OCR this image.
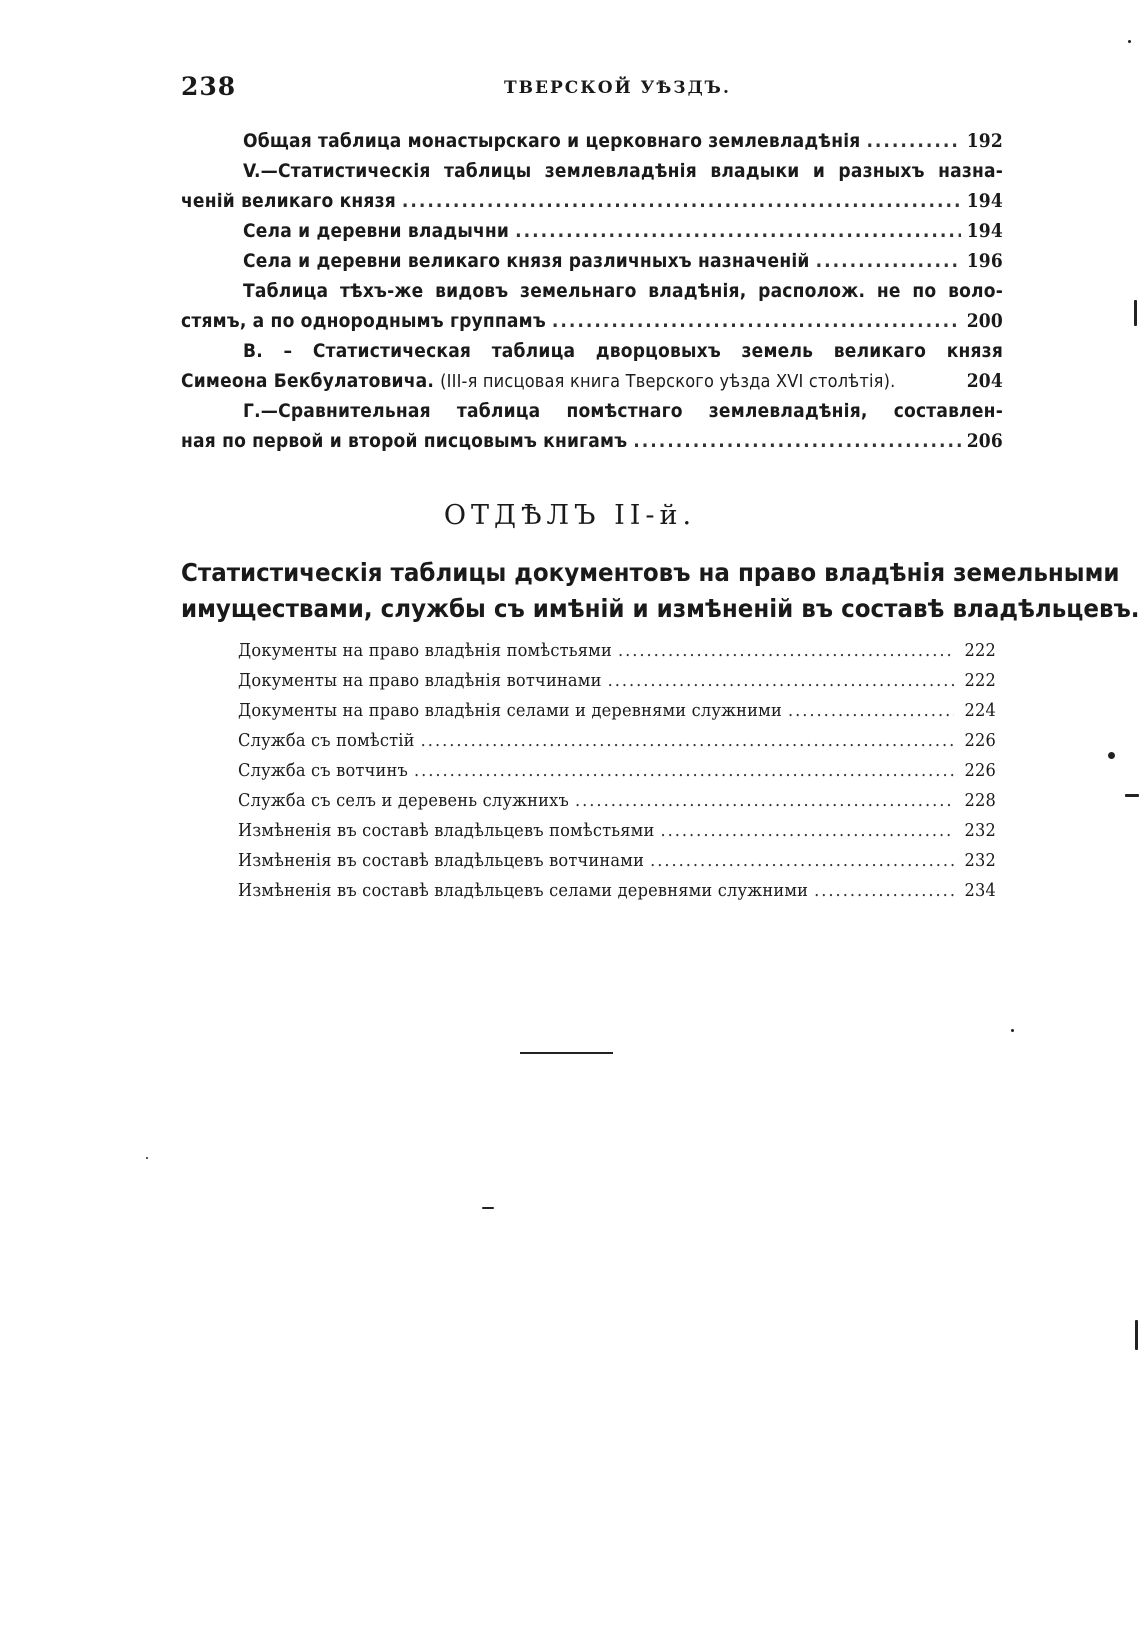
238	ТВЕРСКОЙ УѢЗДЪ.
Общая таблица монастырскаго и церковнаго землевладѣнія .....	192
V.—Статистическія таблицы землевладѣнія владыки и разныхъ назна-
ченій великаго князя .....	194
Села и деревни владычни .....	194
Села и деревни великаго князя различныхъ назначеній .....	196
Таблица тѣхъ-же видовъ земельнаго владѣнія, располож. не по воло-
стямъ, а по однороднымъ группамъ .....	200
В. – Статистическая таблица дворцовыхъ земель великаго князя
Симеона Бекбулатовича. (III-я писцовая книга Тверского уѣзда XVI столѣтія).	204
Г.—Сравнительная таблица помѣстнаго землевладѣнія, составлен-
ная по первой и второй писцовымъ книгамъ .....	206
ОТДѢЛЪ II-й.
Статистическія таблицы документовъ на право владѣнія земельными
имуществами, службы съ имѣній и измѣненій въ составѣ владѣльцевъ.
Документы на право владѣнія помѣстьями .....	222
Документы на право владѣнія вотчинами .....	222
Документы на право владѣнія селами и деревнями служними .....	224
Служба съ помѣстій .....	226
Служба съ вотчинъ .....	226
Служба съ селъ и деревень служнихъ .....	228
Измѣненія въ составѣ владѣльцевъ помѣстьями .....	232
Измѣненія въ составѣ владѣльцевъ вотчинами .....	232
Измѣненія въ составѣ владѣльцевъ селами деревнями служними .....	234
